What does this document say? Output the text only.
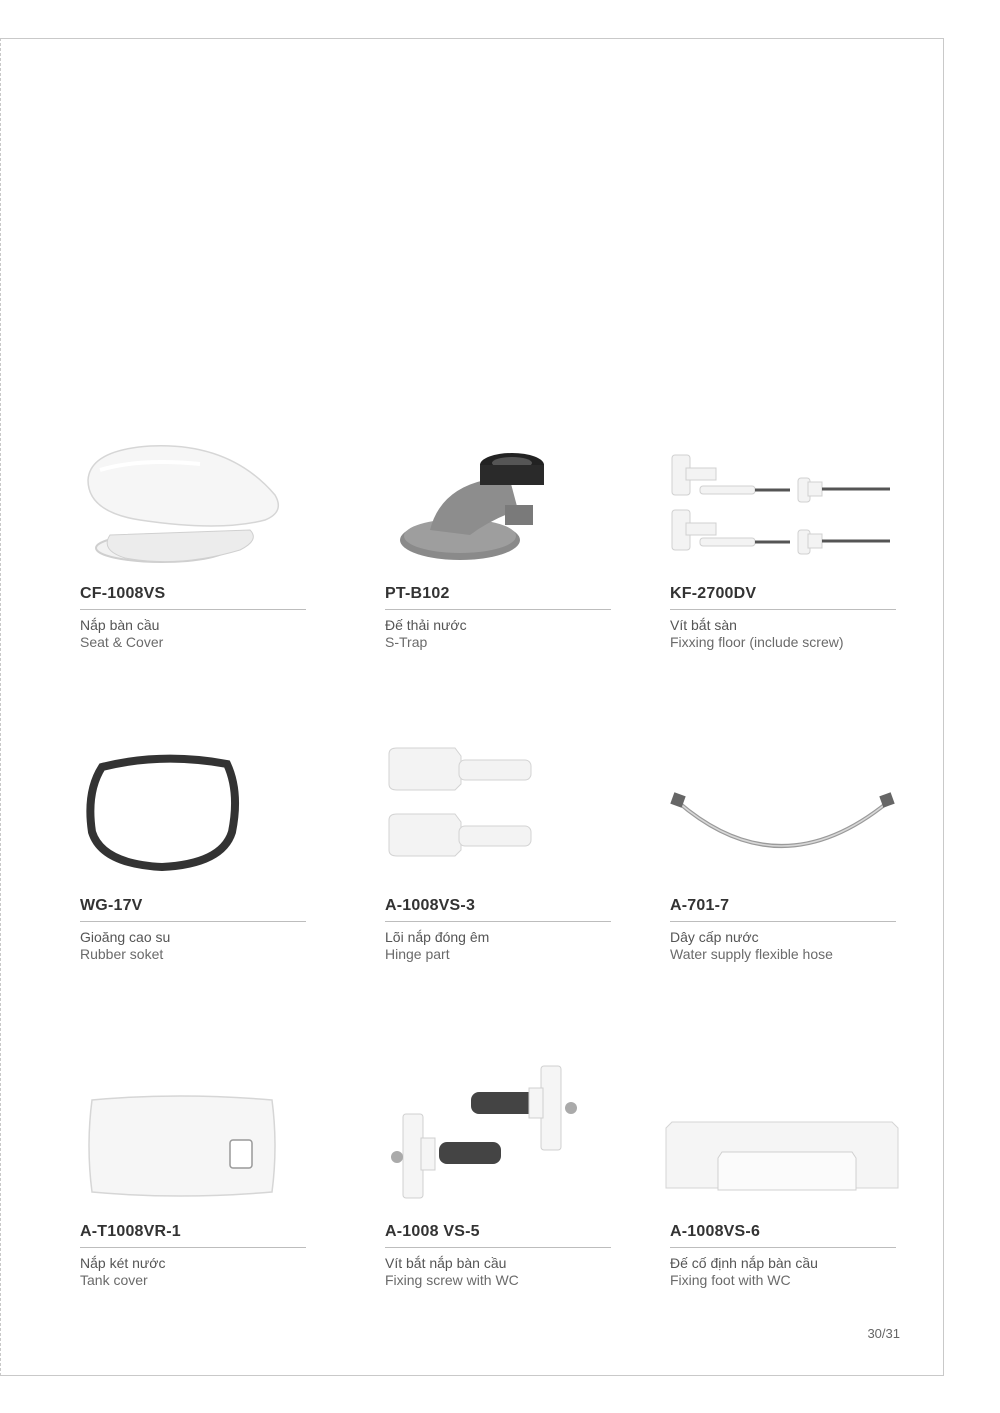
CF-1008VS
Nắp bàn cầu
Seat & Cover
PT-B102
Đế thải nước
S-Trap
KF-2700DV
Vít bắt sàn
Fixxing floor (include screw)
WG-17V
Gioăng cao su
Rubber soket
A-1008VS-3
Lõi nắp đóng êm
Hinge part
A-701-7
Dây cấp nước
Water supply flexible hose
A-T1008VR-1
Nắp két nước
Tank cover
A-1008 VS-5
Vít bắt nắp bàn cầu
Fixing screw with WC
A-1008VS-6
Đế cố định nắp bàn cầu
Fixing foot with WC
30/31
